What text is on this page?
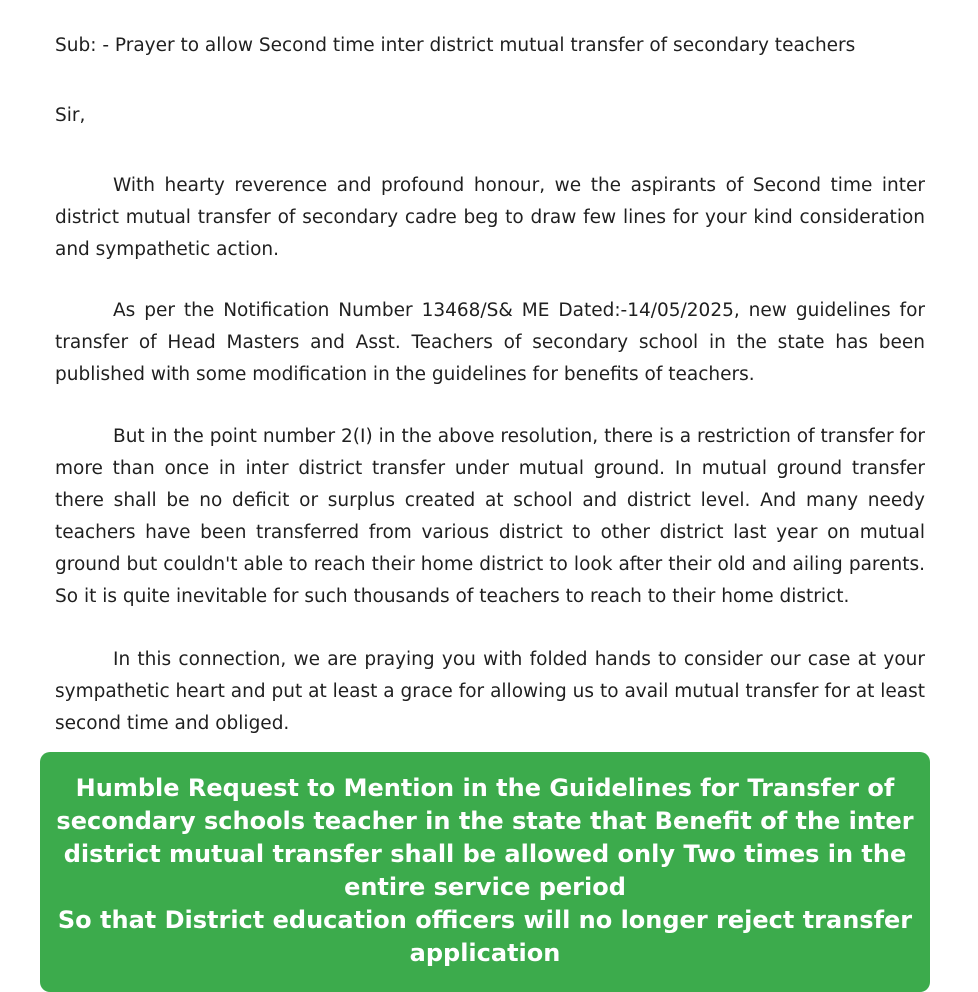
Sub: - Prayer to allow Second time inter district mutual transfer of secondary teachers

Sir,

With hearty reverence and profound honour, we the aspirants of Second time inter district mutual transfer of secondary cadre beg to draw few lines for your kind consideration and sympathetic action.

As per the Notification Number 13468/S& ME Dated:-14/05/2025, new guidelines for transfer of Head Masters and Asst. Teachers of secondary school in the state has been published with some modification in the guidelines for benefits of teachers.

But in the point number 2(I) in the above resolution, there is a restriction of transfer for more than once in inter district transfer under mutual ground. In mutual ground transfer there shall be no deficit or surplus created at school and district level. And many needy teachers have been transferred from various district to other district last year on mutual ground but couldn't able to reach their home district to look after their old and ailing parents. So it is quite inevitable for such thousands of teachers to reach to their home district.

In this connection, we are praying you with folded hands to consider our case at your sympathetic heart and put at least a grace for allowing us to avail mutual transfer for at least second time and obliged.

Humble Request to Mention in the Guidelines for Transfer of secondary schools teacher in the state that Benefit of the inter district mutual transfer shall be allowed only Two times in the entire service period

So that District education officers will no longer reject transfer application
